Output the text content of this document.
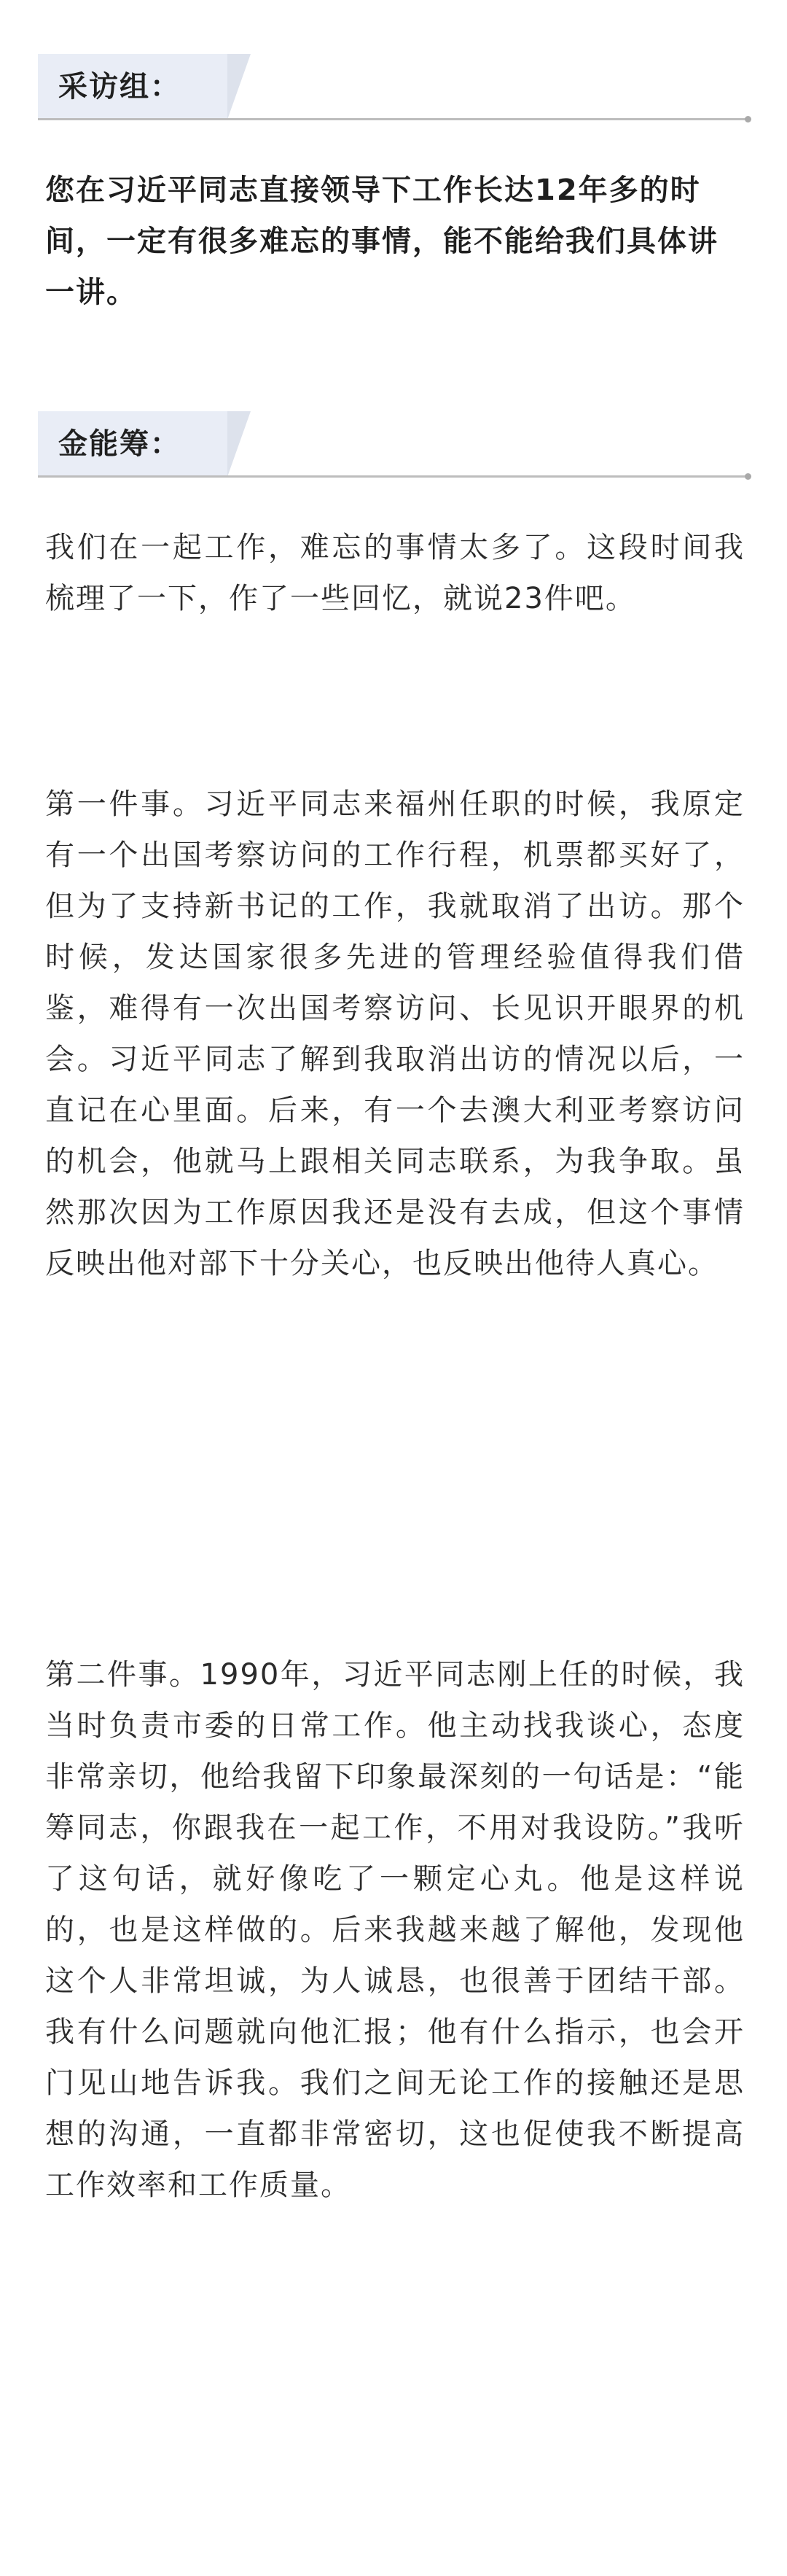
采访组：

您在习近平同志直接领导下工作长达12年多的时间，一定有很多难忘的事情，能不能给我们具体讲一讲。

金能筹：

我们在一起工作，难忘的事情太多了。这段时间我梳理了一下，作了一些回忆，就说23件吧。

第一件事。习近平同志来福州任职的时候，我原定有一个出国考察访问的工作行程，机票都买好了，但为了支持新书记的工作，我就取消了出访。那个时候，发达国家很多先进的管理经验值得我们借鉴，难得有一次出国考察访问、长见识开眼界的机会。习近平同志了解到我取消出访的情况以后，一直记在心里面。后来，有一个去澳大利亚考察访问的机会，他就马上跟相关同志联系，为我争取。虽然那次因为工作原因我还是没有去成，但这个事情反映出他对部下十分关心，也反映出他待人真心。

第二件事。1990年，习近平同志刚上任的时候，我当时负责市委的日常工作。他主动找我谈心，态度非常亲切，他给我留下印象最深刻的一句话是：“能筹同志，你跟我在一起工作，不用对我设防。”我听了这句话，就好像吃了一颗定心丸。他是这样说的，也是这样做的。后来我越来越了解他，发现他这个人非常坦诚，为人诚恳，也很善于团结干部。我有什么问题就向他汇报；他有什么指示，也会开门见山地告诉我。我们之间无论工作的接触还是思想的沟通，一直都非常密切，这也促使我不断提高工作效率和工作质量。
